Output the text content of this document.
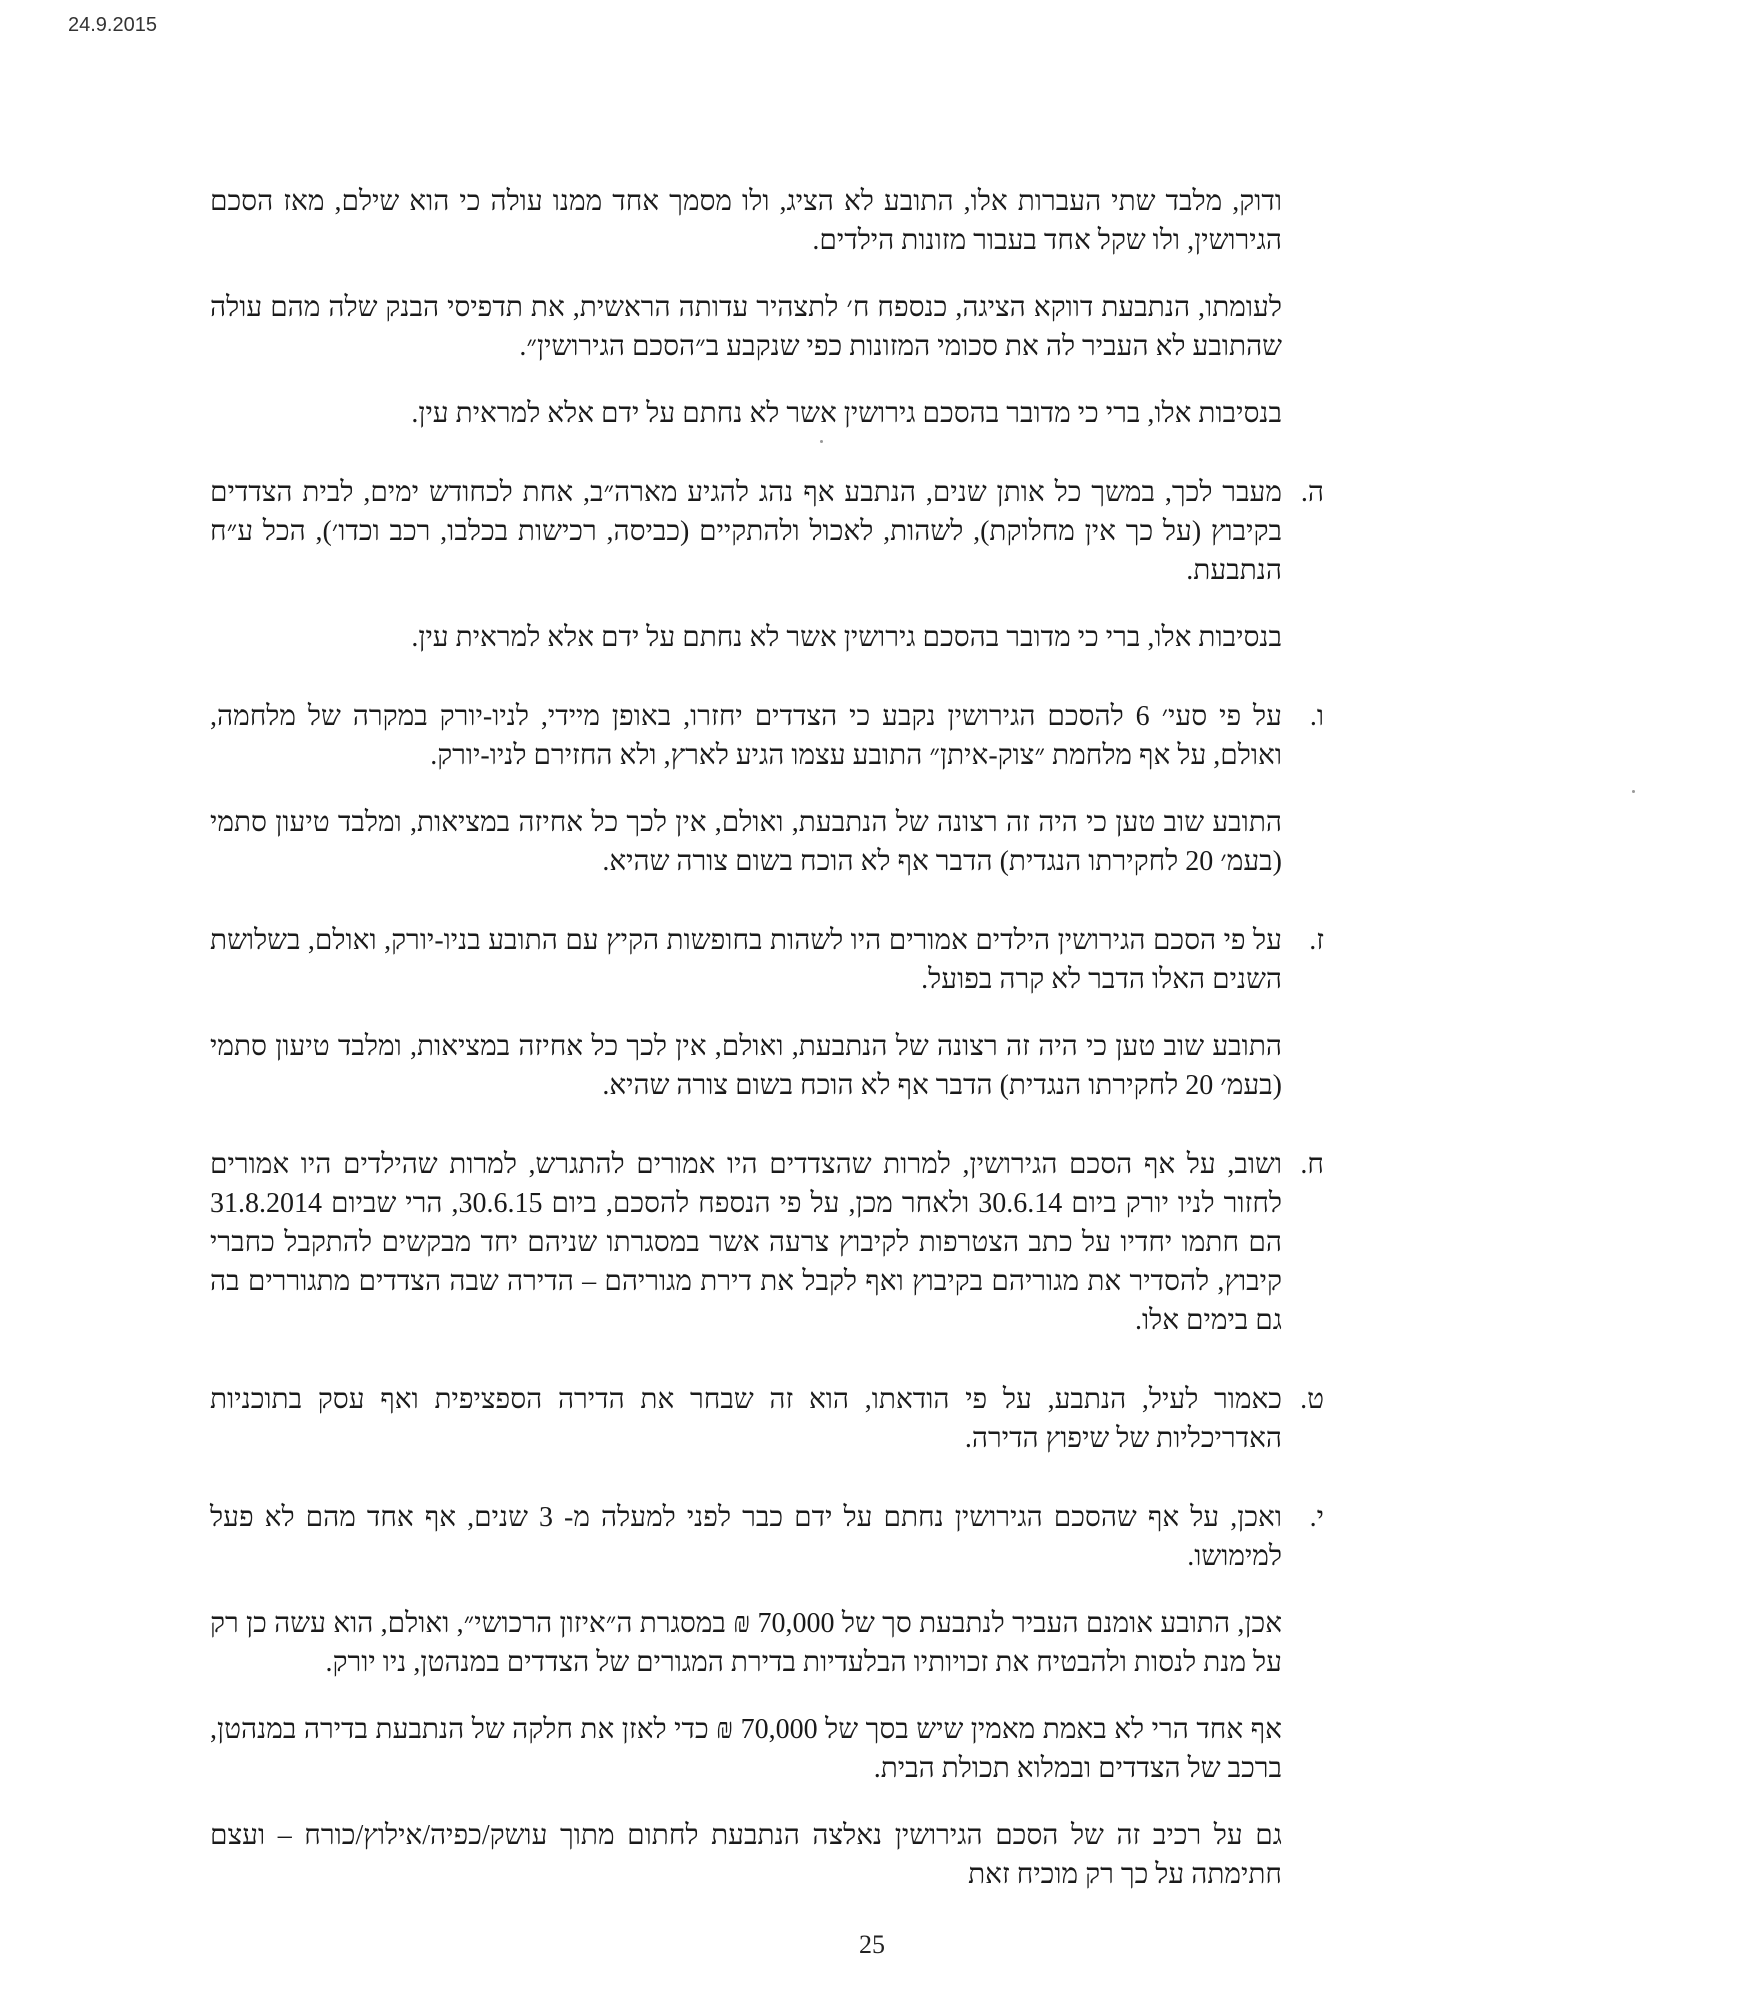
24.9.2015

ודוק, מלבד שתי העברות אלו, התובע לא הציג, ולו מסמך אחד ממנו עולה כי הוא שילם, מאז הסכם הגירושין, ולו שקל אחד בעבור מזונות הילדים.

לעומתו, הנתבעת דווקא הציגה, כנספח ח׳ לתצהיר עדותה הראשית, את תדפיסי הבנק שלה מהם עולה שהתובע לא העביר לה את סכומי המזונות כפי שנקבע ב״הסכם הגירושין״.

בנסיבות אלו, ברי כי מדובר בהסכם גירושין אשר לא נחתם על ידם אלא למראית עין.

ה.
מעבר לכך, במשך כל אותן שנים, הנתבע אף נהג להגיע מארה״ב, אחת לכחודש ימים, לבית הצדדים בקיבוץ (על כך אין מחלוקת), לשהות, לאכול ולהתקיים (כביסה, רכישות בכלבו, רכב וכדו׳), הכל ע״ח הנתבעת.

בנסיבות אלו, ברי כי מדובר בהסכם גירושין אשר לא נחתם על ידם אלא למראית עין.

ו.
על פי סעי׳ 6 להסכם הגירושין נקבע כי הצדדים יחזרו, באופן מיידי, לניו-יורק במקרה של מלחמה, ואולם, על אף מלחמת ״צוק-איתן״ התובע עצמו הגיע לארץ, ולא החזירם לניו-יורק.

התובע שוב טען כי היה זה רצונה של הנתבעת, ואולם, אין לכך כל אחיזה במציאות, ומלבד טיעון סתמי (בעמ׳ 20 לחקירתו הנגדית) הדבר אף לא הוכח בשום צורה שהיא.

ז.
על פי הסכם הגירושין הילדים אמורים היו לשהות בחופשות הקיץ עם התובע בניו-יורק, ואולם, בשלושת השנים האלו הדבר לא קרה בפועל.

התובע שוב טען כי היה זה רצונה של הנתבעת, ואולם, אין לכך כל אחיזה במציאות, ומלבד טיעון סתמי (בעמ׳ 20 לחקירתו הנגדית) הדבר אף לא הוכח בשום צורה שהיא.

ח.
ושוב, על אף הסכם הגירושין, למרות שהצדדים היו אמורים להתגרש, למרות שהילדים היו אמורים לחזור לניו יורק ביום 30.6.14 ולאחר מכן, על פי הנספח להסכם, ביום 30.6.15, הרי שביום 31.8.2014 הם חתמו יחדיו על כתב הצטרפות לקיבוץ צרעה אשר במסגרתו שניהם יחד מבקשים להתקבל כחברי קיבוץ, להסדיר את מגוריהם בקיבוץ ואף לקבל את דירת מגוריהם – הדירה שבה הצדדים מתגוררים בה גם בימים אלו.

ט.
כאמור לעיל, הנתבע, על פי הודאתו, הוא זה שבחר את הדירה הספציפית ואף עסק בתוכניות האדריכליות של שיפוץ הדירה.

י.
ואכן, על אף שהסכם הגירושין נחתם על ידם כבר לפני למעלה מ- 3 שנים, אף אחד מהם לא פעל למימושו.

אכן, התובע אומנם העביר לנתבעת סך של 70,000 ₪ במסגרת ה״איזון הרכושי״, ואולם, הוא עשה כן רק על מנת לנסות ולהבטיח את זכויותיו הבלעדיות בדירת המגורים של הצדדים במנהטן, ניו יורק.

אף אחד הרי לא באמת מאמין שיש בסך של 70,000 ₪ כדי לאזן את חלקה של הנתבעת בדירה במנהטן, ברכב של הצדדים ובמלוא תכולת הבית.

גם על רכיב זה של הסכם הגירושין נאלצה הנתבעת לחתום מתוך עושק/כפיה/אילוץ/כורח – ועצם חתימתה על כך רק מוכיח זאת

25
